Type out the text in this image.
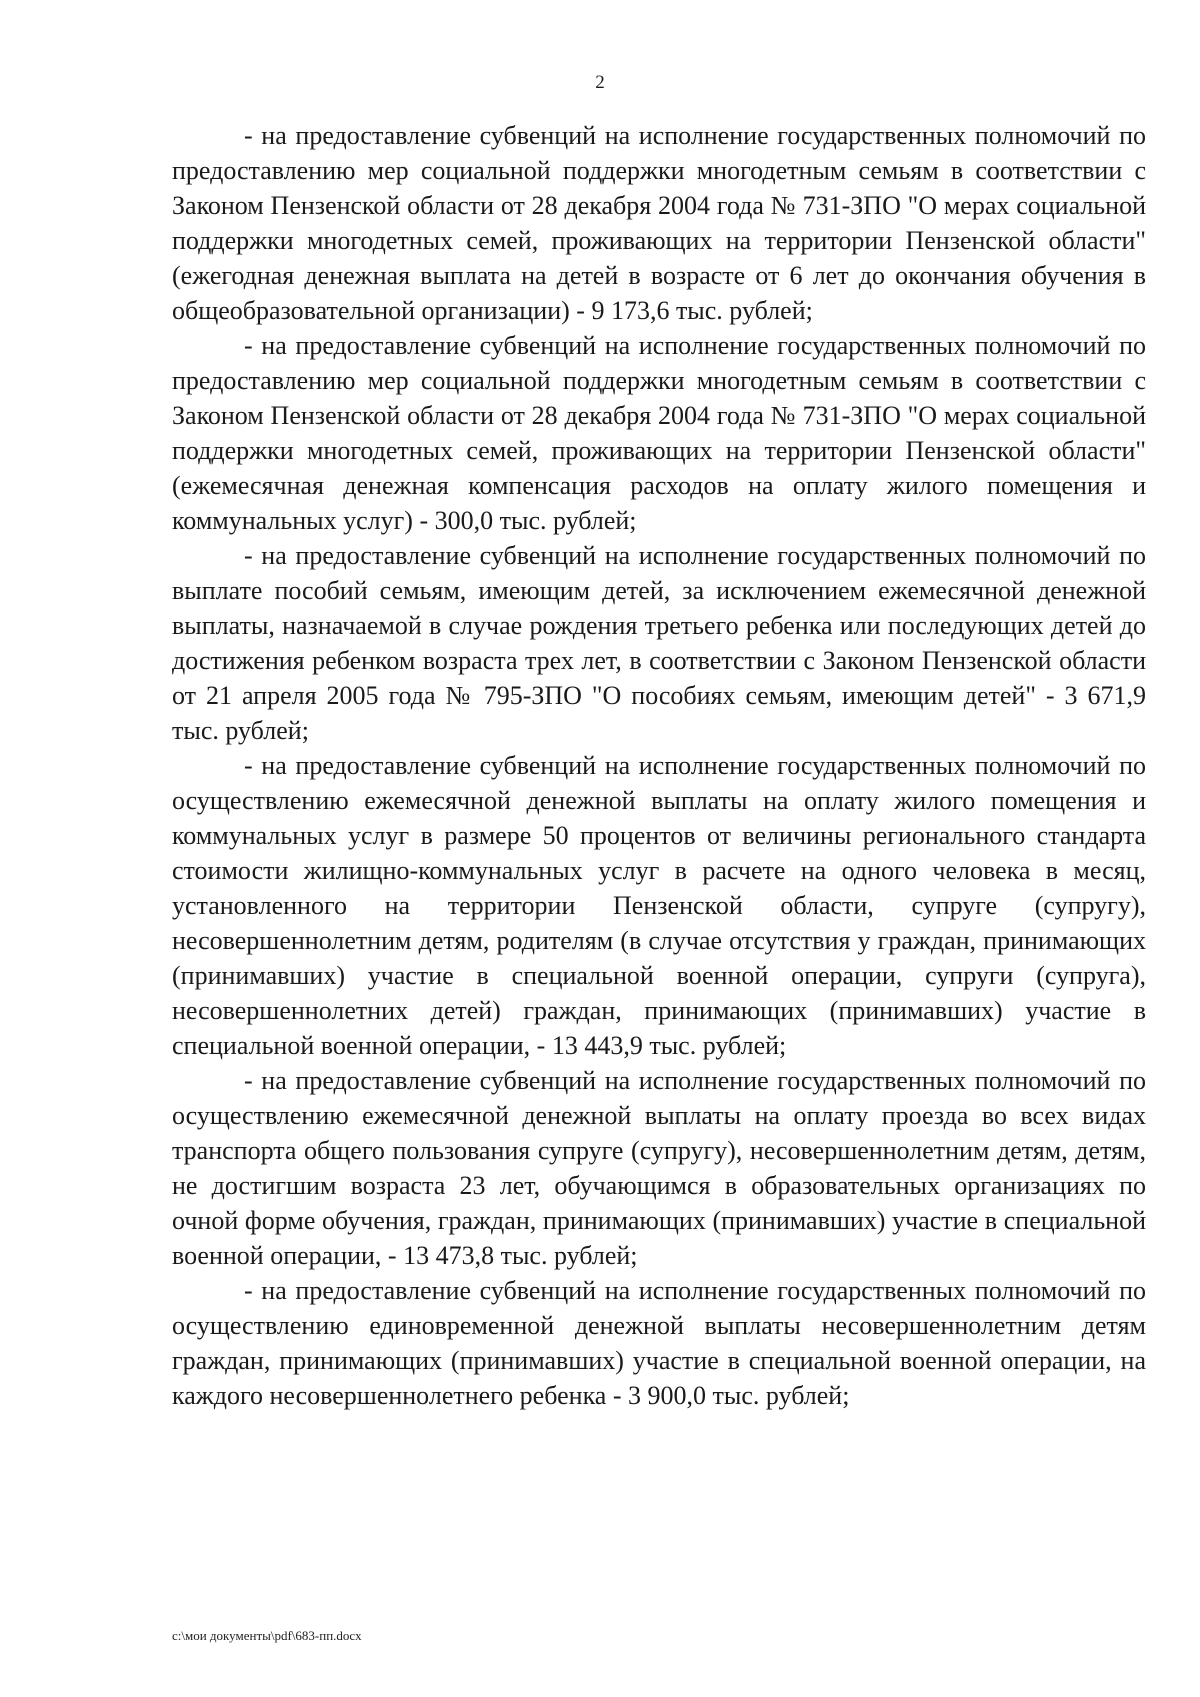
2

- на предоставление субвенций на исполнение государственных полномочий по предоставлению мер социальной поддержки многодетным семьям в соответствии с Законом Пензенской области от 28 декабря 2004 года № 731-ЗПО "О мерах социальной поддержки многодетных семей, проживающих на территории Пензенской области" (ежегодная денежная выплата на детей в возрасте от 6 лет до окончания обучения в общеобразовательной организации) - 9 173,6 тыс. рублей;

- на предоставление субвенций на исполнение государственных полномочий по предоставлению мер социальной поддержки многодетным семьям в соответствии с Законом Пензенской области от 28 декабря 2004 года № 731-ЗПО "О мерах социальной поддержки многодетных семей, проживающих на территории Пензенской области" (ежемесячная денежная компенсация расходов на оплату жилого помещения и коммунальных услуг) - 300,0 тыс. рублей;

- на предоставление субвенций на исполнение государственных полномочий по выплате пособий семьям, имеющим детей, за исключением ежемесячной денежной выплаты, назначаемой в случае рождения третьего ребенка или последующих детей до достижения ребенком возраста трех лет, в соответствии с Законом Пензенской области от 21 апреля 2005 года № 795-ЗПО "О пособиях семьям, имеющим детей" - 3 671,9 тыс. рублей;

- на предоставление субвенций на исполнение государственных полномочий по осуществлению ежемесячной денежной выплаты на оплату жилого помещения и коммунальных услуг в размере 50 процентов от величины регионального стандарта стоимости жилищно-коммунальных услуг в расчете на одного человека в месяц, установленного на территории Пензенской области, супруге (супругу), несовершеннолетним детям, родителям (в случае отсутствия у граждан, принимающих (принимавших) участие в специальной военной операции, супруги (супруга), несовершеннолетних детей) граждан, принимающих (принимавших) участие в специальной военной операции, - 13 443,9 тыс. рублей;

- на предоставление субвенций на исполнение государственных полномочий по осуществлению ежемесячной денежной выплаты на оплату проезда во всех видах транспорта общего пользования супруге (супругу), несовершеннолетним детям, детям, не достигшим возраста 23 лет, обучающимся в образовательных организациях по очной форме обучения, граждан, принимающих (принимавших) участие в специальной военной операции, - 13 473,8 тыс. рублей;

- на предоставление субвенций на исполнение государственных полномочий по осуществлению единовременной денежной выплаты несовершеннолетним детям граждан, принимающих (принимавших) участие в специальной военной операции, на каждого несовершеннолетнего ребенка - 3 900,0 тыс. рублей;

c:\мои документы\pdf\683-пп.docx
